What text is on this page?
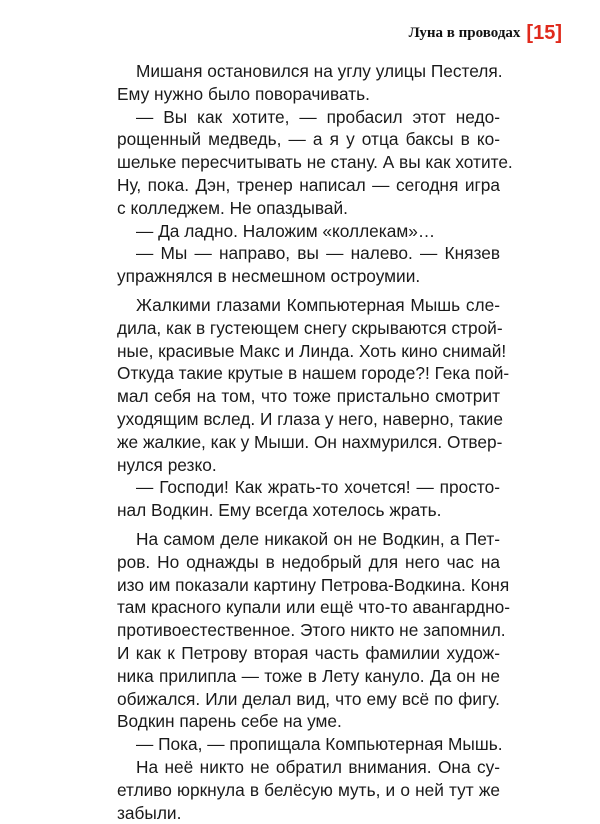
Луна в проводах [15]
Мишаня остановился на углу улицы Пестеля.
Ему нужно было поворачивать.
— Вы как хотите, — пробасил этот недо-
рощенный медведь, — а я у отца баксы в ко-
шельке пересчитывать не стану. А вы как хотите.
Ну, пока. Дэн, тренер написал — сегодня игра
с колледжем. Не опаздывай.
— Да ладно. Наложим «коллекам»…
— Мы — направо, вы — налево. — Князев
упражнялся в несмешном остроумии.
Жалкими глазами Компьютерная Мышь сле-
дила, как в густеющем снегу скрываются строй-
ные, красивые Макс и Линда. Хоть кино снимай!
Откуда такие крутые в нашем городе?! Гека пой-
мал себя на том, что тоже пристально смотрит
уходящим вслед. И глаза у него, наверно, такие
же жалкие, как у Мыши. Он нахмурился. Отвер-
нулся резко.
— Господи! Как жрать-то хочется! — просто-
нал Водкин. Ему всегда хотелось жрать.
На самом деле никакой он не Водкин, а Пет-
ров. Но однажды в недобрый для него час на
изо им показали картину Петрова-Водкина. Коня
там красного купали или ещё что-то авангардно-
противоестественное. Этого никто не запомнил.
И как к Петрову вторая часть фамилии худож-
ника прилипла — тоже в Лету кануло. Да он не
обижался. Или делал вид, что ему всё по фигу.
Водкин парень себе на уме.
— Пока, — пропищала Компьютерная Мышь.
На неё никто не обратил внимания. Она су-
етливо юркнула в белёсую муть, и о ней тут же
забыли.
